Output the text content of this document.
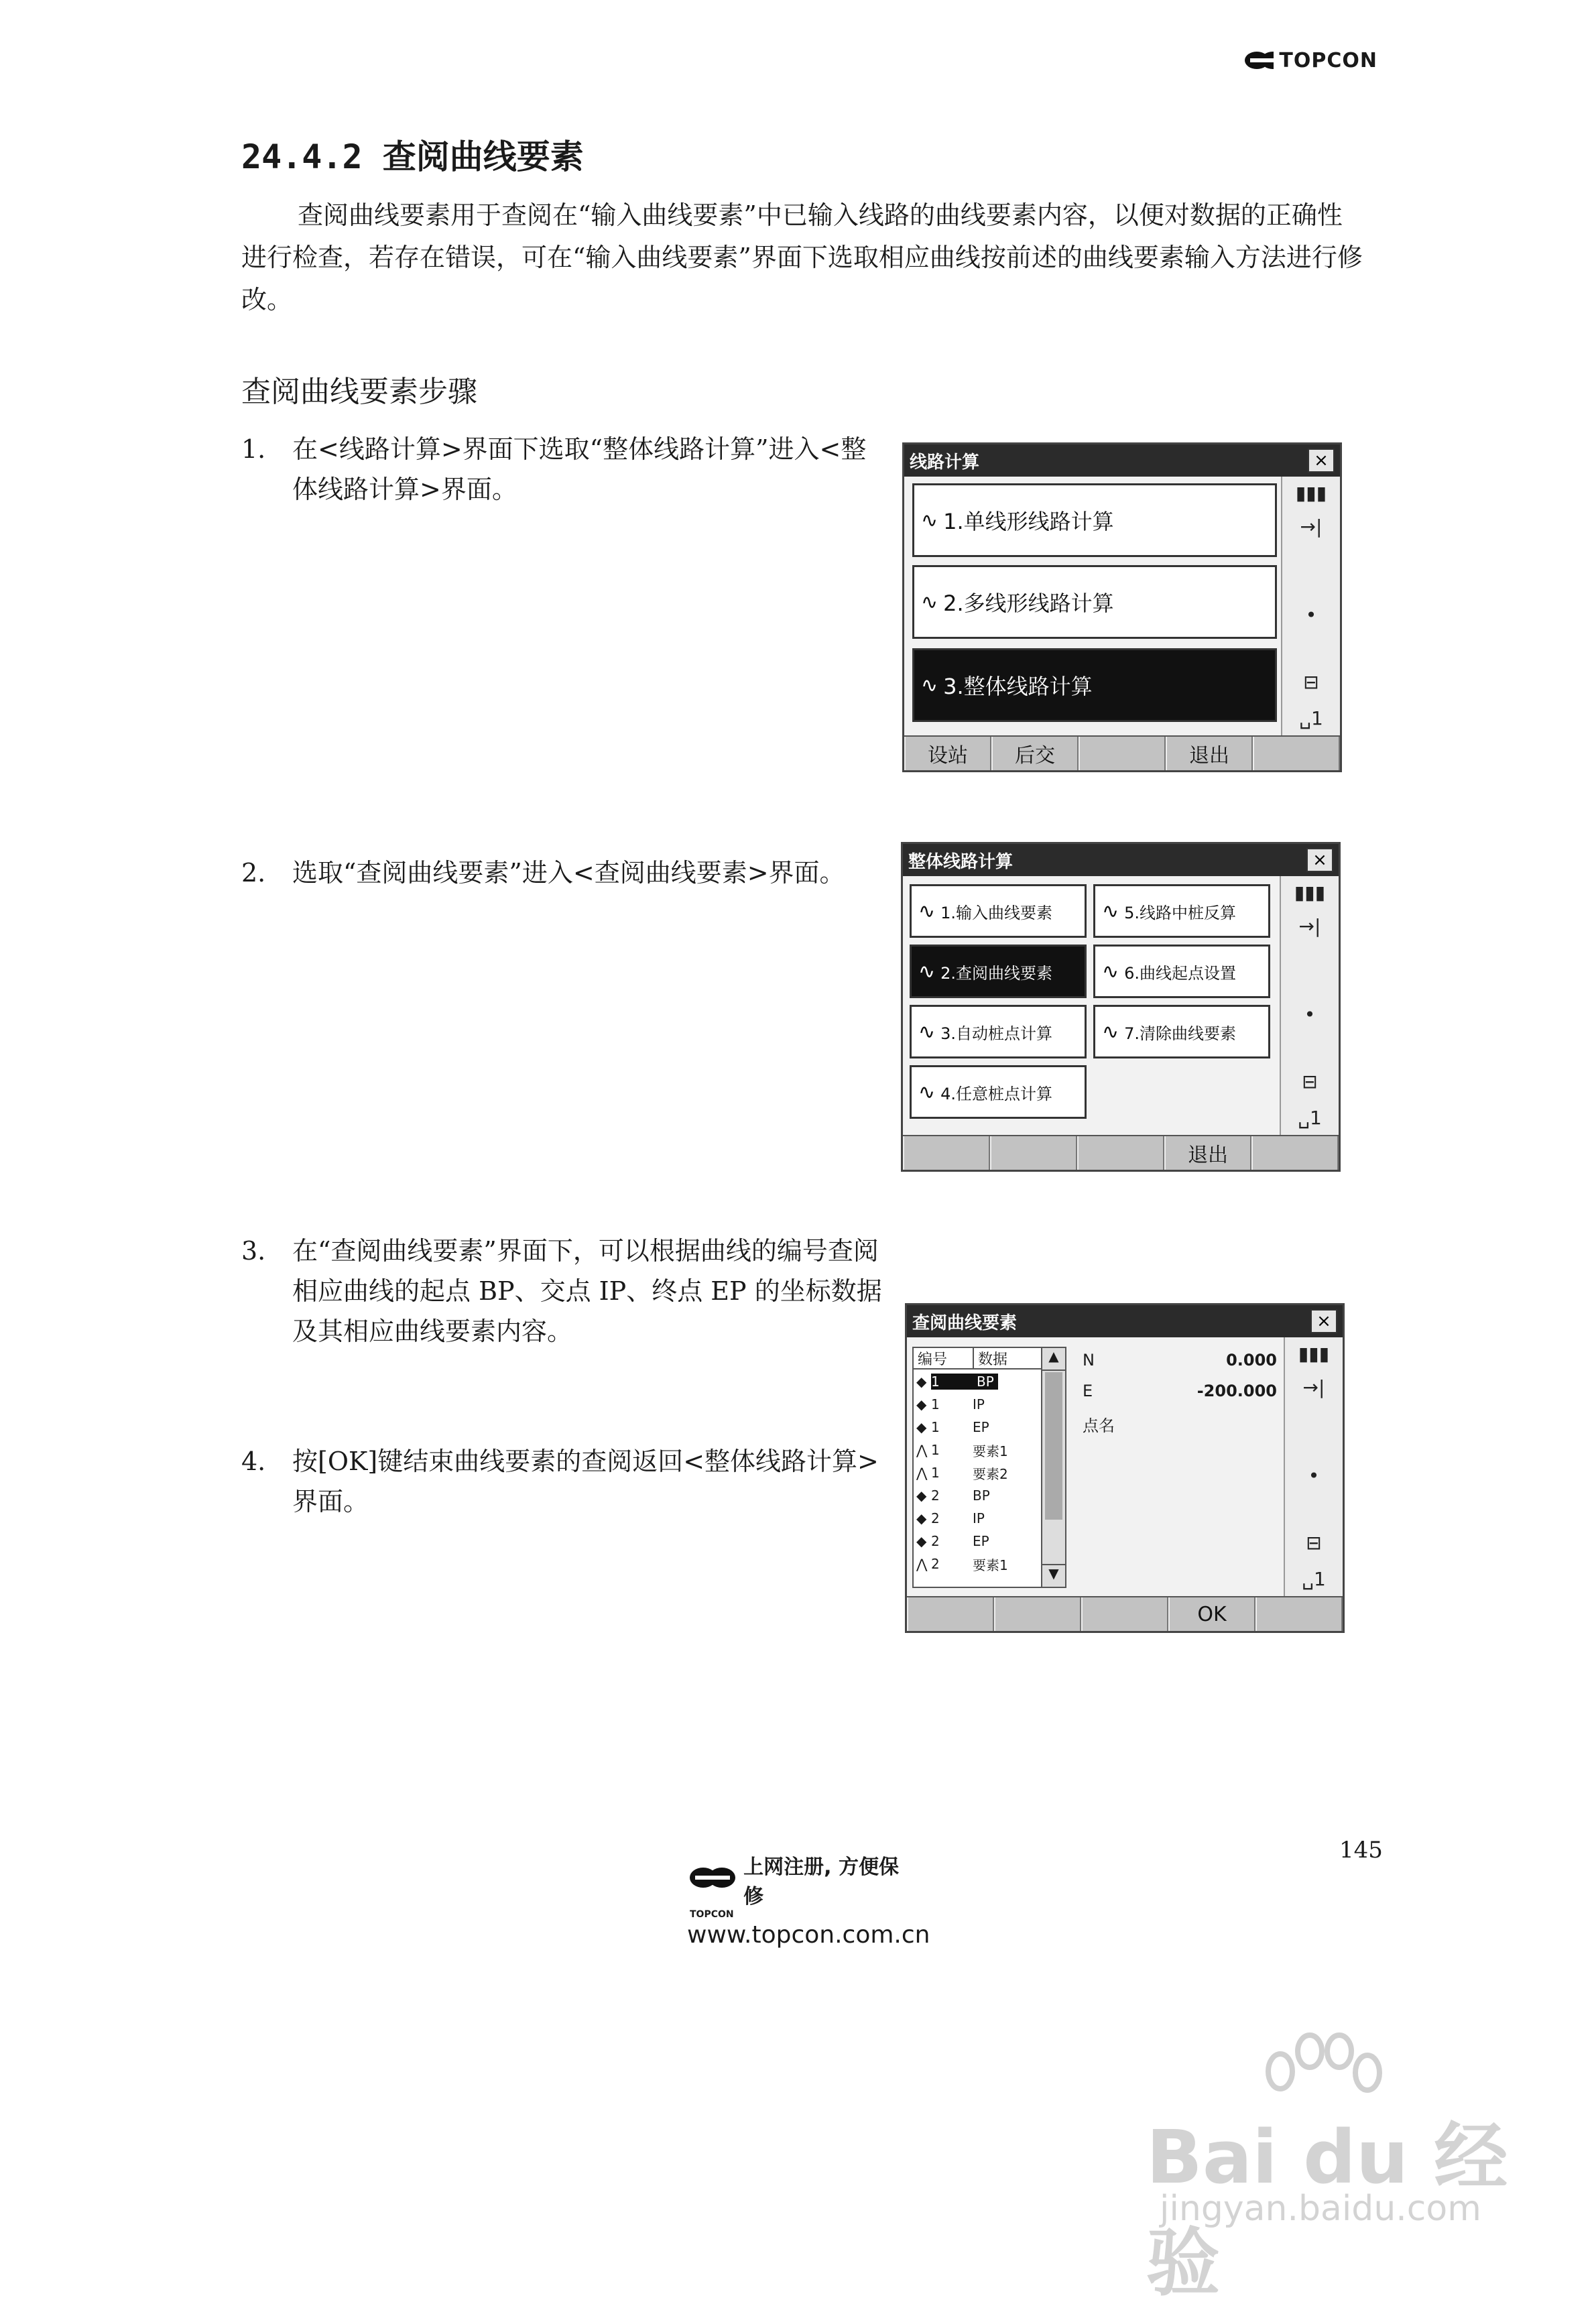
TOPCON
24.4.2 查阅曲线要素

查阅曲线要素用于查阅在“输入曲线要素”中已输入线路的曲线要素内容，以便对数据的正确性进行检查，若存在错误，可在“输入曲线要素”界面下选取相应曲线按前述的曲线要素输入方法进行修改。

查阅曲线要素步骤
1. 在<线路计算>界面下选取“整体线路计算”进入<整体线路计算>界面。
2. 选取“查阅曲线要素”进入<查阅曲线要素>界面。
3. 在“查阅曲线要素”界面下，可以根据曲线的编号查阅相应曲线的起点 BP、交点 IP、终点 EP 的坐标数据及其相应曲线要素内容。
4. 按[OK]键结束曲线要素的查阅返回<整体线路计算>界面。
线路计算	×
∿ 1.单线形线路计算
∿ 2.多线形线路计算
∿ 3.整体线路计算
▮▮▮
→|
•
⊟
␣1
设站	后交	退出
整体线路计算	×
∿ 1.输入曲线要素 ∿ 5.线路中桩反算
∿ 2.查阅曲线要素 ∿ 6.曲线起点设置
∿ 3.自动桩点计算 ∿ 7.清除曲线要素
∿ 4.任意桩点计算
▮▮▮
→|
•
⊟
␣1
退出
查阅曲线要素	×
编号	数据
◆ 1	BP
◆ 1	IP
◆ 1	EP
⋀ 1	要素1
⋀ 1	要素2
◆ 2	BP
◆ 2	IP
◆ 2	EP
⋀ 2	要素1
▲
▼
N	0.000
E	-200.000
点名
▮▮▮
→|
•
⊟
␣1
OK
145
上网注册, 方便保修
TOPCON
www.topcon.com.cn
Bai du 经验
jingyan.baidu.com
